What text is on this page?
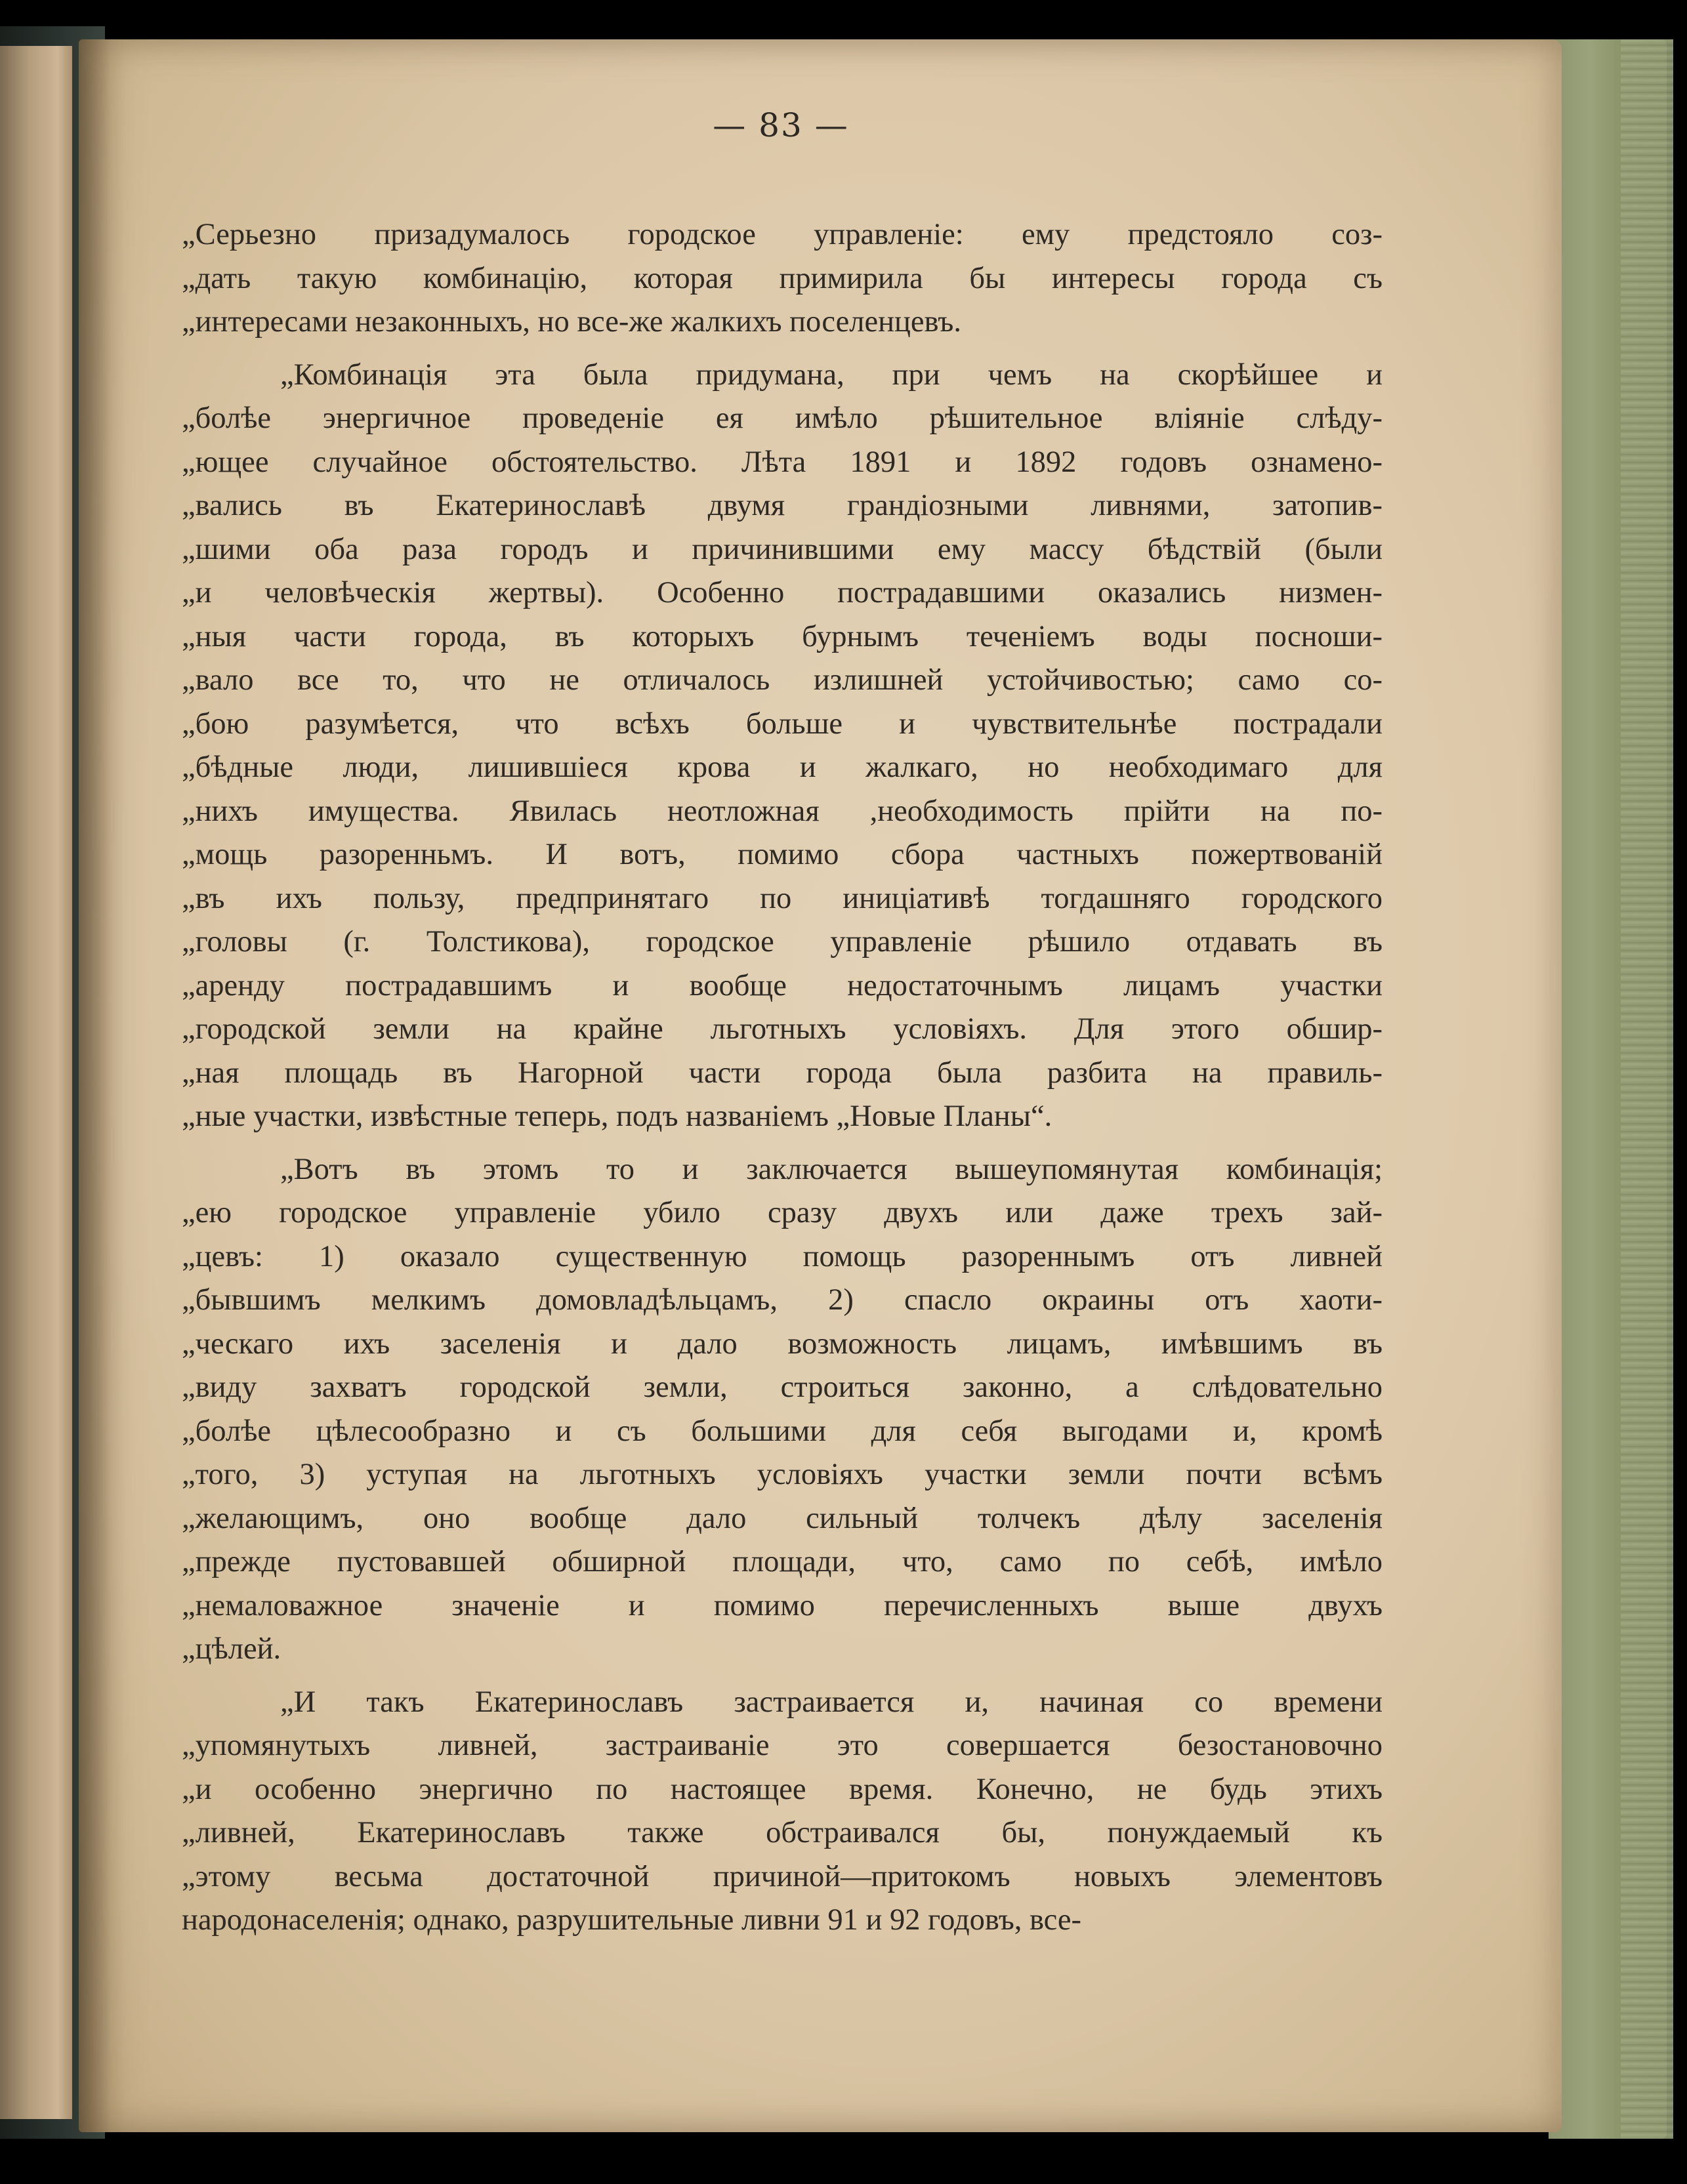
— 83 —

„Серьезно призадумалось городское управленіе: ему предстояло соз-
„дать такую комбинацію, которая примирила бы интересы города съ
„интересами незаконныхъ, но все-же жалкихъ поселенцевъ.

„Комбинація эта была придумана, при чемъ на скорѣйшее и
„болѣе энергичное проведеніе ея имѣло рѣшительное вліяніе слѣду-
„ющее случайное обстоятельство. Лѣта 1891 и 1892 годовъ ознамено-
„вались въ Екатеринославѣ двумя грандіозными ливнями, затопив-
„шими оба раза городъ и причинившими ему массу бѣдствій (были
„и человѣческія жертвы). Особенно пострадавшими оказались низмен-
„ныя части города, въ которыхъ бурнымъ теченіемъ воды посноши-
„вало все то, что не отличалось излишней устойчивостью; само со-
„бою разумѣется, что всѣхъ больше и чувствительнѣе пострадали
„бѣдные люди, лишившіеся крова и жалкаго, но необходимаго для
„нихъ имущества. Явилась неотложная ,необходимость прійти на по-
„мощь разоренньмъ. И вотъ, помимо сбора частныхъ пожертвованій
„въ ихъ пользу, предпринятаго по иниціативѣ тогдашняго городского
„головы (г. Толстикова), городское управленіе рѣшило отдавать въ
„аренду пострадавшимъ и вообще недостаточнымъ лицамъ участки
„городской земли на крайне льготныхъ условіяхъ. Для этого обшир-
„ная площадь въ Нагорной части города была разбита на правиль-
„ные участки, извѣстные теперь, подъ названіемъ „Новые Планы“.

„Вотъ въ этомъ то и заключается вышеупомянутая комбинація;
„ею городское управленіе убило сразу двухъ или даже трехъ зай-
„цевъ: 1) оказало существенную помощь разореннымъ отъ ливней
„бывшимъ мелкимъ домовладѣльцамъ, 2) спасло окраины отъ хаоти-
„ческаго ихъ заселенія и дало возможность лицамъ, имѣвшимъ въ
„виду захватъ городской земли, строиться законно, а слѣдовательно
„болѣе цѣлесообразно и съ большими для себя выгодами и, кромѣ
„того, 3) уступая на льготныхъ условіяхъ участки земли почти всѣмъ
„желающимъ, оно вообще дало сильный толчекъ дѣлу заселенія
„прежде пустовавшей обширной площади, что, само по себѣ, имѣло
„немаловажное значеніе и помимо перечисленныхъ выше двухъ
„цѣлей.

„И такъ Екатеринославъ застраивается и, начиная со времени
„упомянутыхъ ливней, застраиваніе это совершается безостановочно
„и особенно энергично по настоящее время. Конечно, не будь этихъ
„ливней, Екатеринославъ также обстраивался бы, понуждаемый къ
„этому весьма достаточной причиной—притокомъ новыхъ элементовъ
народонаселенія; однако, разрушительные ливни 91 и 92 годовъ, все-
